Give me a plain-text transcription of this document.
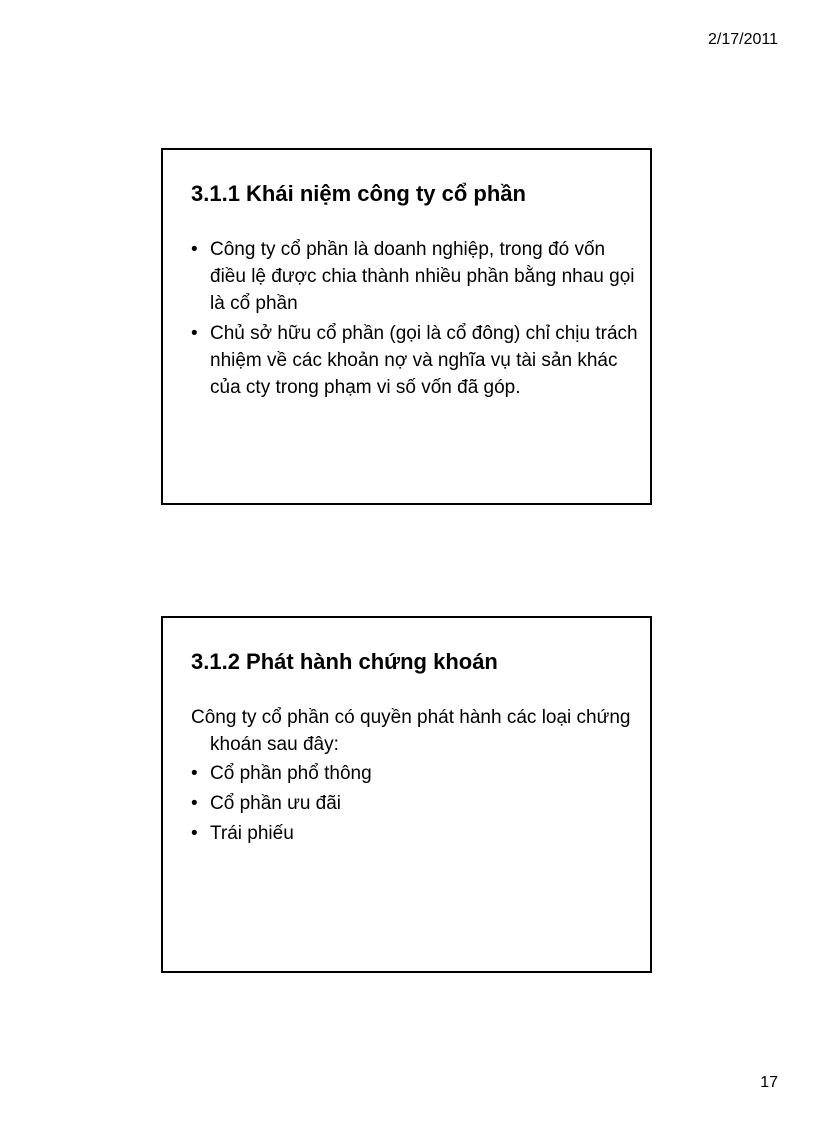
2/17/2011
3.1.1 Khái niệm công ty cổ phần
• Công ty cổ phần là doanh nghiệp, trong đó vốn điều lệ được chia thành nhiều phần bằng nhau gọi là cổ phần
• Chủ sở hữu cổ phần (gọi là cổ đông) chỉ chịu trách nhiệm về các khoản nợ và nghĩa vụ tài sản khác của cty trong phạm vi số vốn đã góp.
3.1.2 Phát hành chứng khoán

Công ty cổ phần có quyền phát hành các loại chứng khoán sau đây:

• Cổ phần phổ thông
• Cổ phần ưu đãi
• Trái phiếu
17
